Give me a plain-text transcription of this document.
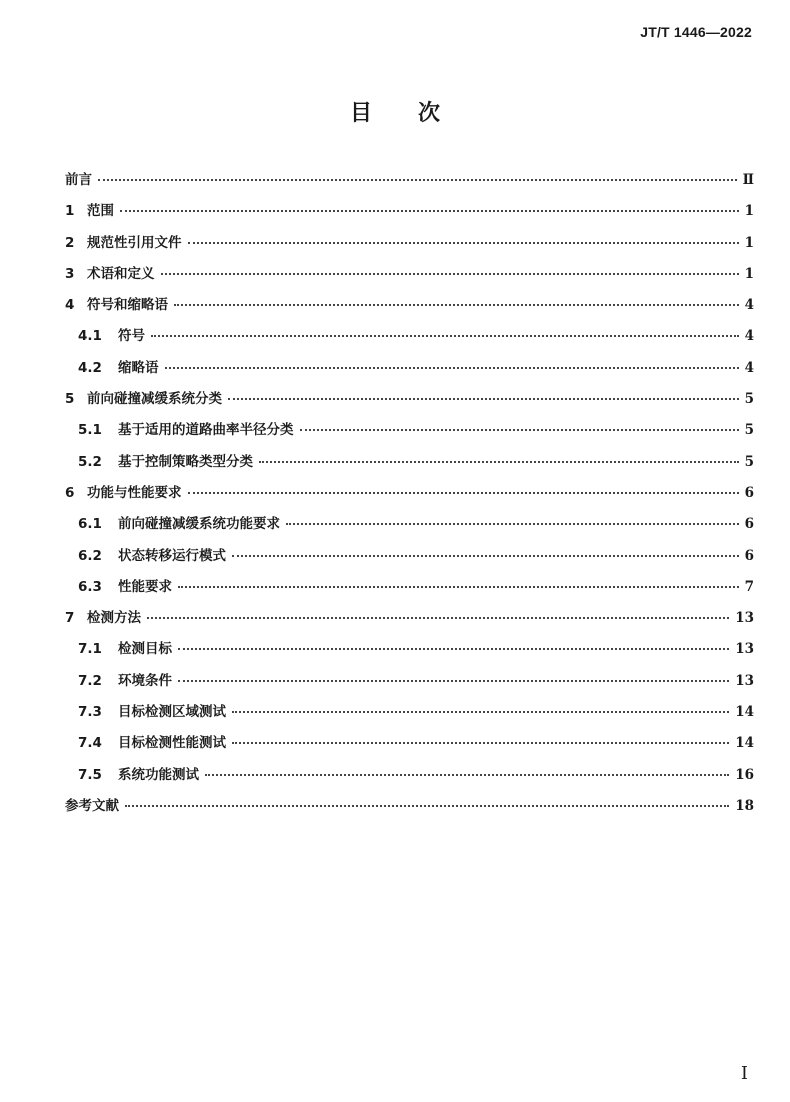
JT/T 1446—2022
目次
前言	Ⅱ
1 范围	1
2 规范性引用文件	1
3 术语和定义	1
4 符号和缩略语	4
4.1	符号	4
4.2	缩略语	4
5 前向碰撞减缓系统分类	5
5.1	基于适用的道路曲率半径分类	5
5.2	基于控制策略类型分类	5
6 功能与性能要求	6
6.1	前向碰撞减缓系统功能要求	6
6.2	状态转移运行模式	6
6.3	性能要求	7
7 检测方法	13
7.1	检测目标	13
7.2	环境条件	13
7.3	目标检测区域测试	14
7.4	目标检测性能测试	14
7.5	系统功能测试	16
参考文献	18
I
